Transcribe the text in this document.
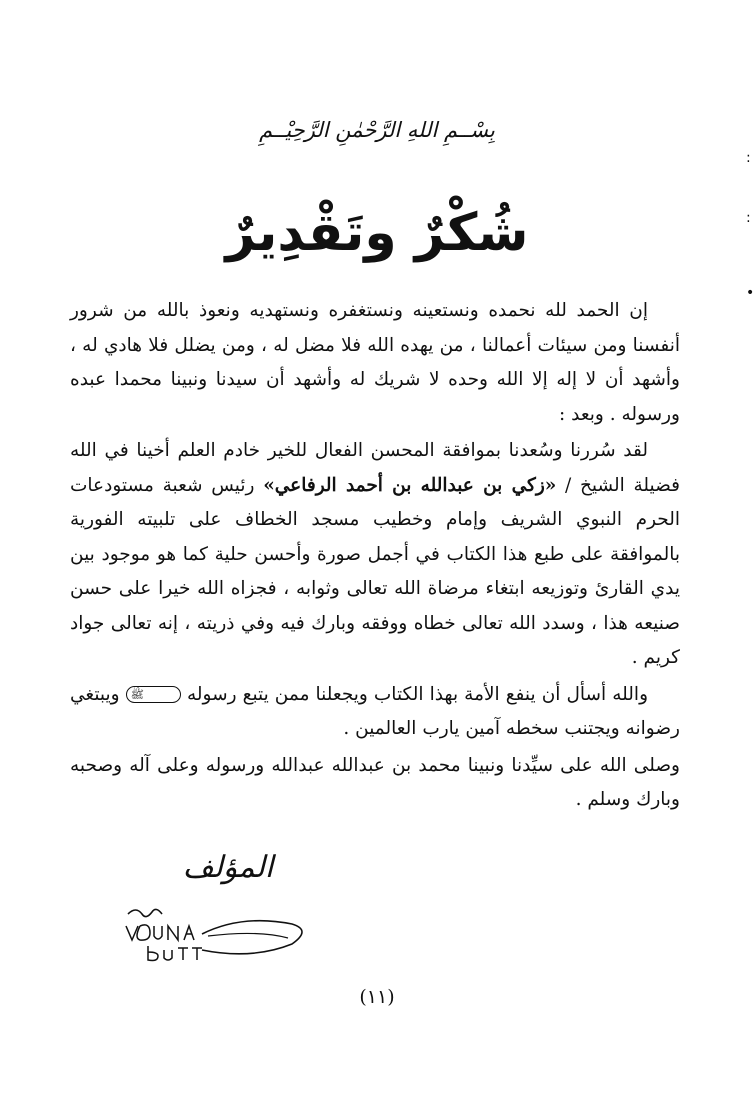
بِسْــمِ اللهِ الرَّحْمٰنِ الرَّحِيْــمِ
شُكْرٌ وتَقْدِيرٌ

إن الحمد لله نحمده ونستعينه ونستغفره ونستهديه ونعوذ بالله من شرور أنفسنا ومن سيئات أعمالنا ، من يهده الله فلا مضل له ، ومن يضلل فلا هادي له ، وأشهد أن لا إله إلا الله وحده لا شريك له وأشهد أن سيدنا ونبينا محمدا عبده ورسوله . وبعد :

لقد سُررنا وسُعدنا بموافقة المحسن الفعال للخير خادم العلم أخينا في الله فضيلة الشيخ / «زكي بن عبدالله بن أحمد الرفاعي» رئيس شعبة مستودعات الحرم النبوي الشريف وإمام وخطيب مسجد الخطاف على تلبيته الفورية بالموافقة على طبع هذا الكتاب في أجمل صورة وأحسن حلية كما هو موجود بين يدي القارئ وتوزيعه ابتغاء مرضاة الله تعالى وثوابه ، فجزاه الله خيرا على حسن صنيعه هذا ، وسدد الله تعالى خطاه ووفقه وبارك فيه وفي ذريته ، إنه تعالى جواد كريم .

والله أسأل أن ينفع الأمة بهذا الكتاب ويجعلنا ممن يتبع رسوله ﷺ ويبتغي رضوانه ويجتنب سخطه آمين يارب العالمين .

وصلى الله على سيِّدنا ونبينا محمد بن عبدالله عبدالله ورسوله وعلى آله وصحبه وبارك وسلم .

المؤلف
(١١)
:
:
•
